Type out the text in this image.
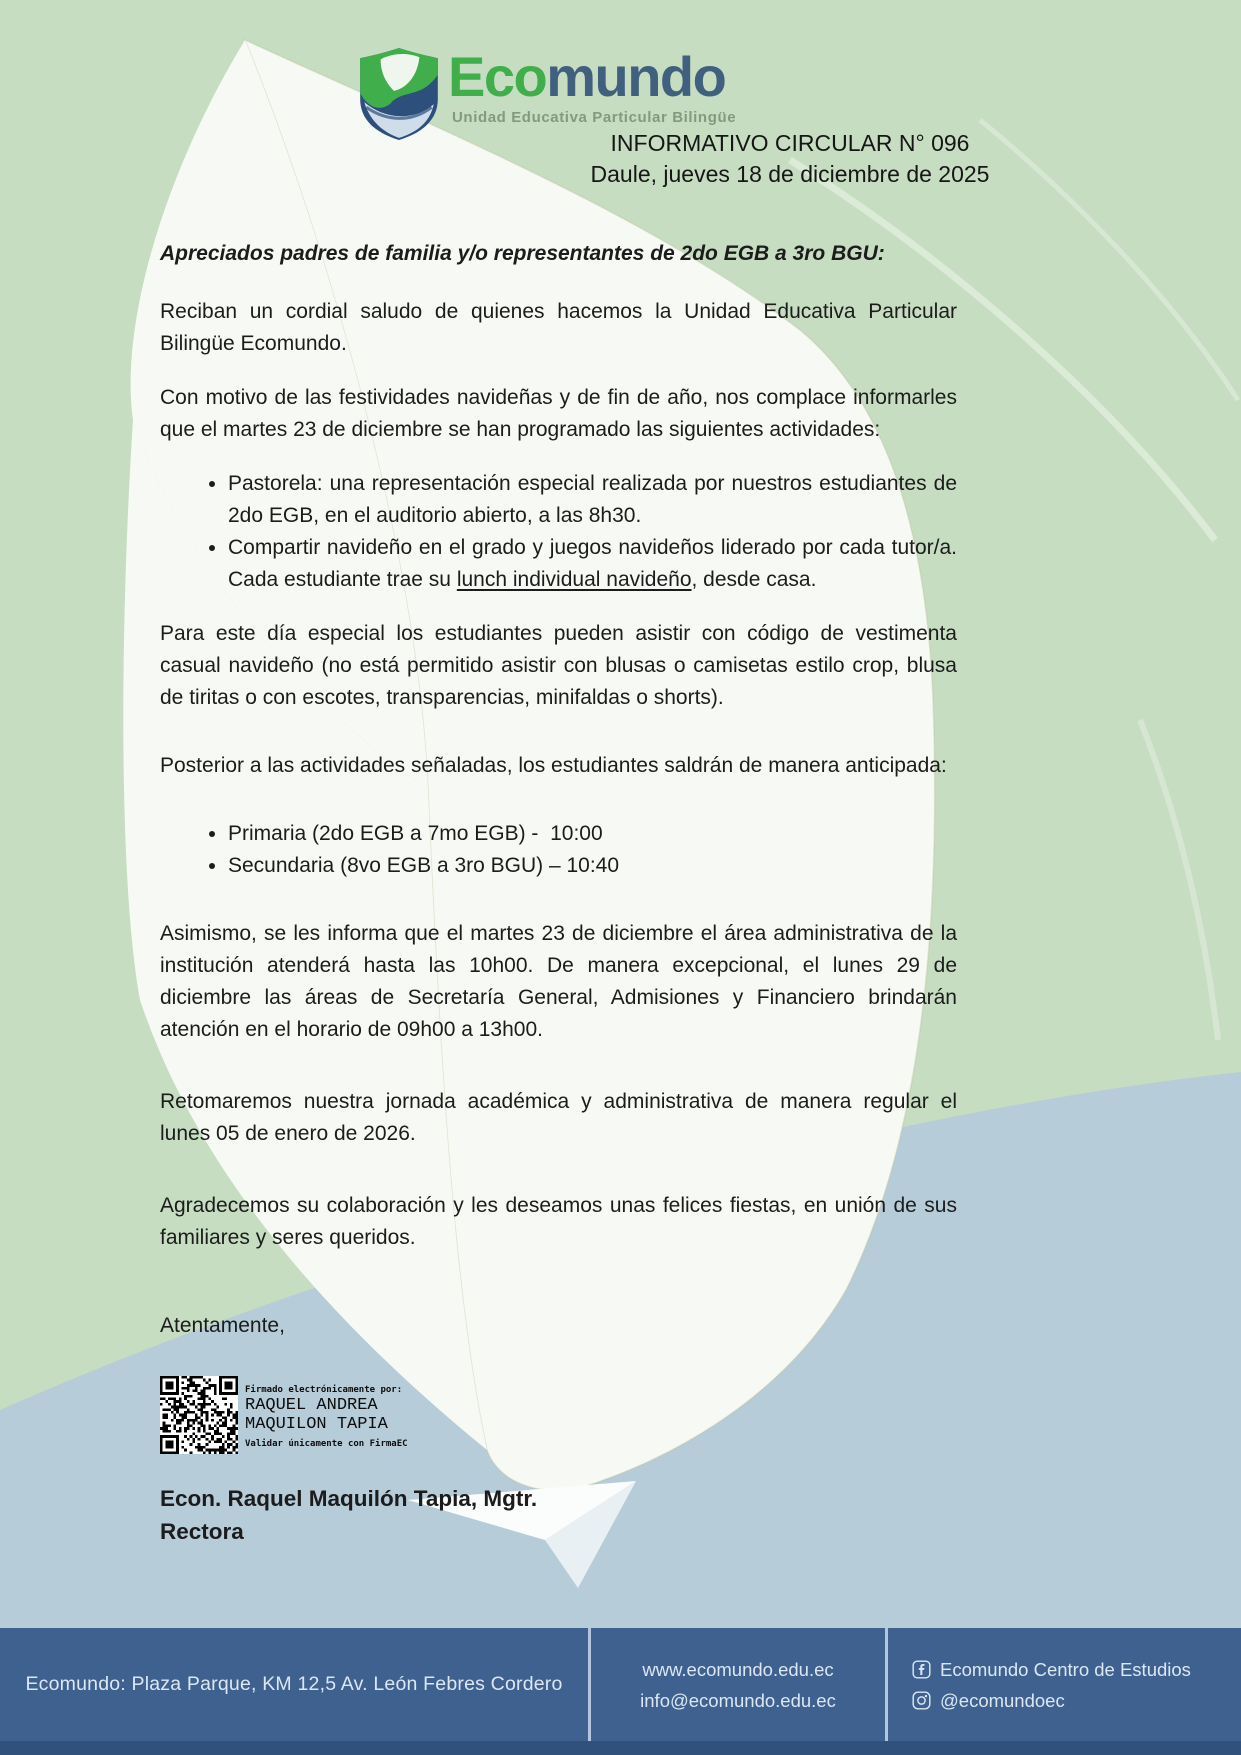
Ecomundo
Unidad Educativa Particular Bilingüe
INFORMATIVO CIRCULAR N° 096
Daule, jueves 18 de diciembre de 2025

Apreciados padres de familia y/o representantes de 2do EGB a 3ro BGU:

Reciban un cordial saludo de quienes hacemos la Unidad Educativa Particular Bilingüe Ecomundo.

Con motivo de las festividades navideñas y de fin de año, nos complace informarles que el martes 23 de diciembre se han programado las siguientes actividades:

• Pastorela: una representación especial realizada por nuestros estudiantes de 2do EGB, en el auditorio abierto, a las 8h30.
• Compartir navideño en el grado y juegos navideños liderado por cada tutor/a. Cada estudiante trae su lunch individual navideño, desde casa.

Para este día especial los estudiantes pueden asistir con código de vestimenta casual navideño (no está permitido asistir con blusas o camisetas estilo crop, blusa de tiritas o con escotes, transparencias, minifaldas o shorts).

Posterior a las actividades señaladas, los estudiantes saldrán de manera anticipada:

• Primaria (2do EGB a 7mo EGB) -  10:00
• Secundaria (8vo EGB a 3ro BGU) – 10:40

Asimismo, se les informa que el martes 23 de diciembre el área administrativa de la institución atenderá hasta las 10h00. De manera excepcional, el lunes 29 de diciembre las áreas de Secretaría General, Admisiones y Financiero brindarán atención en el horario de 09h00 a 13h00.

Retomaremos nuestra jornada académica y administrativa de manera regular el lunes 05 de enero de 2026.

Agradecemos su colaboración y les deseamos unas felices fiestas, en unión de sus familiares y seres queridos.

Atentamente,

Firmado electrónicamente por:
RAQUEL ANDREA
MAQUILON TAPIA
Validar únicamente con FirmaEC
Econ. Raquel Maquilón Tapia, Mgtr.
Rectora
Ecomundo: Plaza Parque, KM 12,5 Av. León Febres Cordero
www.ecomundo.edu.ec
info@ecomundo.edu.ec
Ecomundo Centro de Estudios
@ecomundoec
